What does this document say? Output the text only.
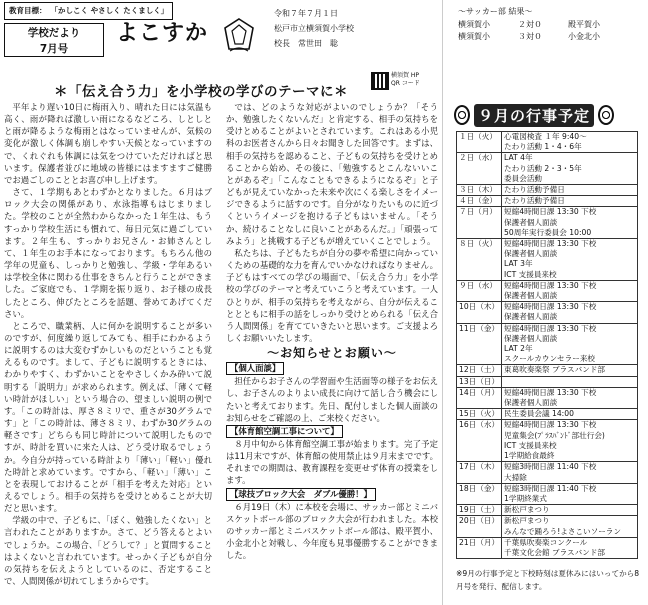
教育目標： 「かしこく やさしく たくましく」
学校だより
7月号
よこすか
令和７年７月１日
松戸市立横須賀小学校
校長　常世田　聡
横須賀 HP
QR コード
＊「伝え合う力」を小学校の学びのテーマに＊

平年より遅い10日に梅雨入り、晴れた日には気温も高く、雨が降れば激しい雨になるなどころ、しとしとと雨が降るような梅雨とはなっていませんが、気候の変化が激しく体調も崩しやすい天候となっていますので、くれぐれも体調には気をつけていただければと思います。保護者並びに地域の皆様にはますますご健勝でお過ごしのこととお喜び申し上げます。

さて、１学期もあとわずかとなりました。６月はブロック大会の関係があり、水泳指導もはじまりました。学校のことが全然わからなかった１年生は、もうすっかり学校生活にも慣れて、毎日元気に過ごしています。２年生も、すっかりお兄さん・お姉さんとして、１年生のお手本になっております。もちろん他の学年の児童も、しっかりと勉強し、学級・学年あるいは学校全体に関わる仕事をきちんと行うことができました。ご家庭でも、１学期を振り返り、お子様の成長したところ、伸びたところを話題、誉めてあげてください。

ところで、職業柄、人に何かを説明することが多いのですが、何度繰り返してみても、相手にわかるように説明するのは大変むずかしいものだということも覚えるものです。まして、子どもに説明するときには、わかりやすく、わずかいことをやさしくかみ砕いて説明する「説明力」が求められます。例えば、「薄くて軽い時計がほしい」という場合の、望ましい説明の例です。「この時計は、厚さ８ミリで、重さが30グラムです」と「この時計は、薄さ８ミリ、わずか30グラムの軽さです」どちらも同じ時計について説明したものですが、時計を買いに来た人は、どう受け取るでしょうか。今自分が持っている時計より「薄い」「軽い」優れた時計と求めています。ですから、「軽い」「薄い」ことを表現しておけることが「相手を考えた対応」といえるでしょう。相手の気持ちを受けとめることが大切だと思います。

学級の中で、子どもに、「ぼく、勉強したくない」と言われたことがありますか。さて、どう答えるとよいでしょうか。この場合、「どうして？」と質問することはよくないと言われています。せっかく子どもが自分の気持ちを伝えようとしているのに、否定することで、人間関係が切れてしまうからです。

では、どのような対応がよいのでしょうか？「そうか、勉強したくないんだ」と肯定する、相手の気持ちを受けとめることがよいとされています。これはある小児科のお医者さんから日々お聞きした回答です。まずは、相手の気持ちを認めること、子どもの気持ちを受けとめることから始め、その後に、「勉強するとこんないいことがあるぞ」「こんなこともできるようになるぞ」と子どもが見えていなかった未来や次にくる楽しさをイメージできるように話すのです。自分がなりたいものに近づくというイメージを抱ける子どもはいません。「そうか、続けることなしに良いことがあるんだ。」「頑張ってみよう」と挑戦する子どもが増えていくことでしょう。

私たちは、子どもたちが自分の夢や希望に向かっていくための基礎的な力を育んでいかなければなりません。子どもはすべての学びの場面で、「伝え合う力」を小学校の学びのテーマと考えていこうと考えています。一人ひとりが、相手の気持ちを考えながら、自分が伝えることとともに相手の話をしっかり受けとめられる「伝え合う人間関係」を育てていきたいと思います。ご支援よろしくお願いいたします。

～お知らせとお願い～
【個人面談】

担任からお子さんの学習面や生活面等の様子をお伝えし、お子さんのよりよい成長に向けて話し合う機会にしたいと考えております。先日、配付しました個人面談のお知らせをご確認の上、ご来校ください。

【体育館空調工事について】

８月中旬から体育館空調工事が始まります。完了予定は11月末ですが、体育館の使用禁止は９月末までです。それまでの期間は、教育課程を変更せず体育の授業をします。

【球技ブロック大会　ダブル優勝！】

６月19日（木）に本校を会場に、サッカー部とミニバスケットボール部のブロック大会が行われました。本校のサッカー部とミニバスケットボール部は、殿平賀小、小金北小と対戦し、今年度も見事優勝することができました。

～サッカー部 結果～
横須賀小	２対０	殿平賀小
横須賀小	３対０	小金北小
９月の行事予定
１日（火）	心電図検査 １年 9:40～
たわり活動 1・4・6年
２日（水）	LAT 4年
たわり活動 2・3・5年
委員会活動
３日（木）	たわり活動予備日
４日（金）	たわり活動予備日
７日（月）	短縮4時間日課 13:30 下校
保護者個人面談
50周年実行委員会 10:00
８日（火）	短縮4時間日課 13:30 下校
保護者個人面談
LAT 3年
ICT 支援員来校
９日（水）	短縮4時間日課 13:30 下校
保護者個人面談
10日（木）	短縮4時間日課 13:30 下校
保護者個人面談
11日（金）	短縮4時間日課 13:30 下校
保護者個人面談
LAT 2年
スクールカウンセラー来校
12日（土）	東葛吹奏楽祭 ブラスバンド部
13日（日）	
14日（月）	短縮4時間日課 13:30 下校
保護者個人面談
15日（火）	民生委員会議 14:00
16日（水）	短縮4時間日課 13:30 下校
児童集会(ﾌﾟﾗｽﾊﾞﾝﾄﾞ部壮行会)
ICT 支援員来校
1学期給食最終
17日（木）	短縮3時間日課 11:40 下校
大掃除
18日（金）	短縮3時間日課 11:40 下校
1学期終業式
19日（土）	新松戸まつり
20日（日）	新松戸まつり
みんなで踊ろう!よさこいソーラン
21日（月）	千葉県吹奏楽コンクール
千葉文化会館 ブラスバンド部
※9月の行事予定と下校時刻は夏休みにはいってから8月号を発行、配信します。
